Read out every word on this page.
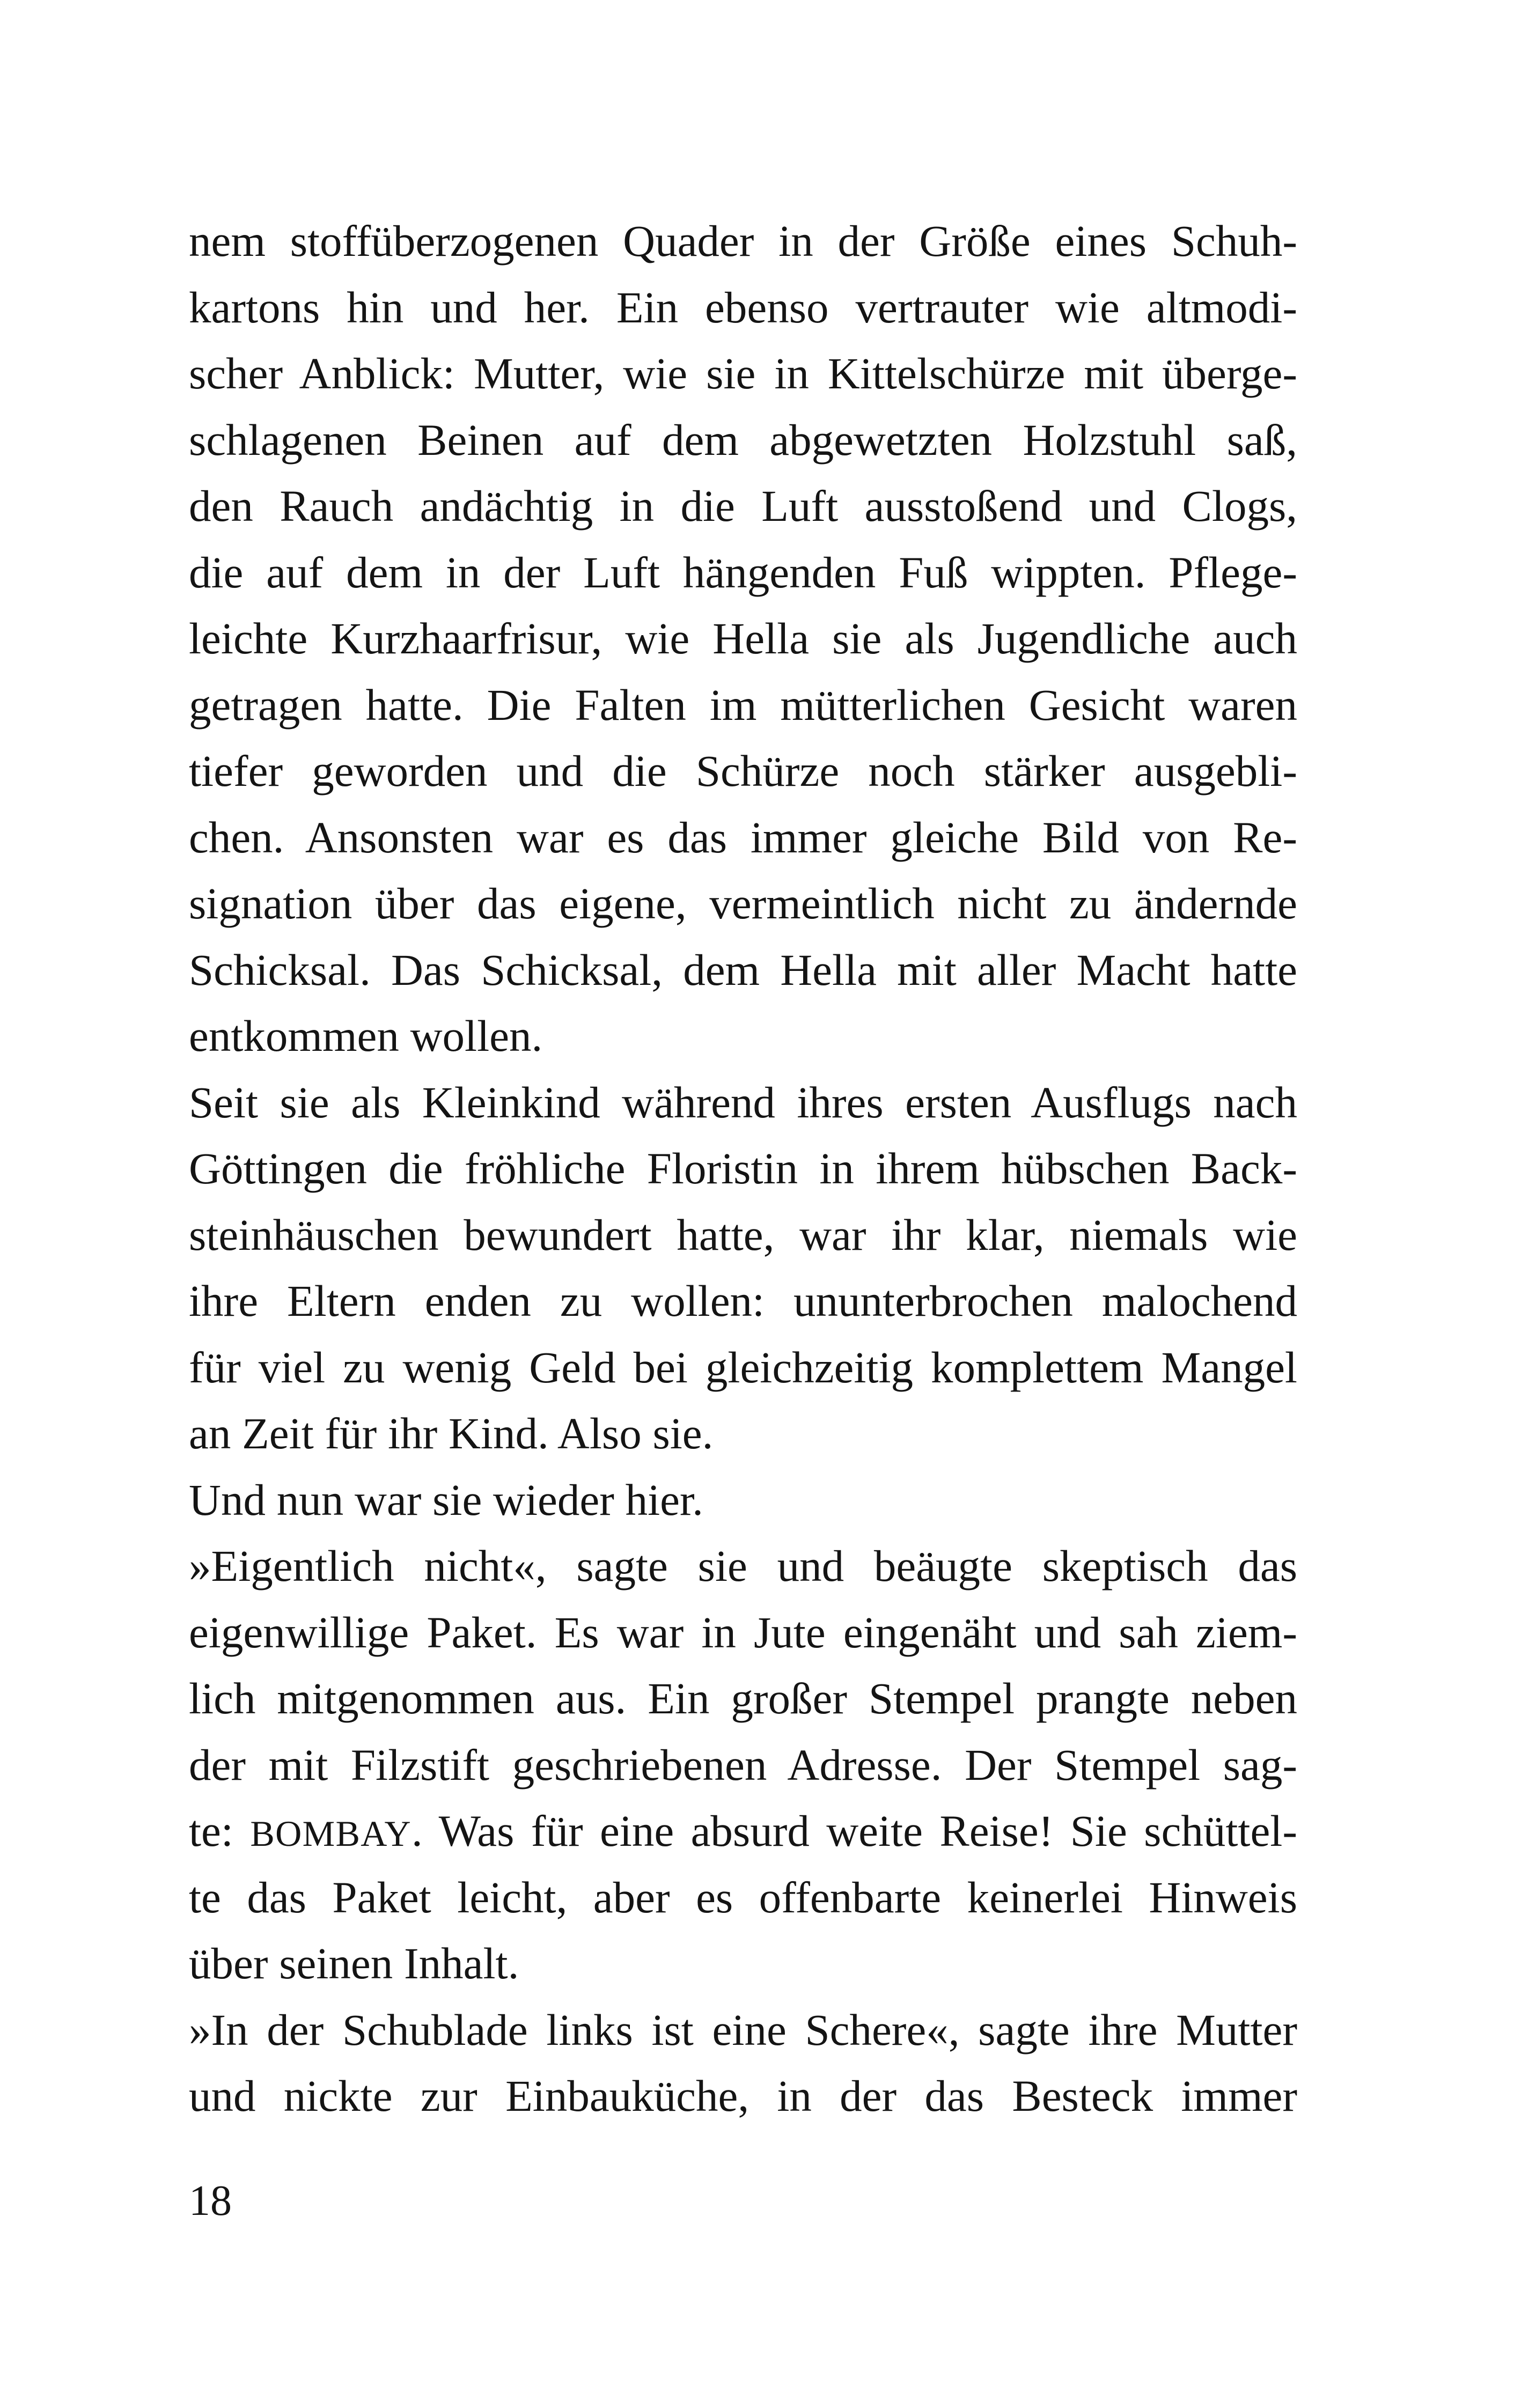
nem stoffüberzogenen Quader in der Größe eines Schuh-
kartons hin und her. Ein ebenso vertrauter wie altmodi-
scher Anblick: Mutter, wie sie in Kittelschürze mit überge-
schlagenen Beinen auf dem abgewetzten Holzstuhl saß,
den Rauch andächtig in die Luft ausstoßend und Clogs,
die auf dem in der Luft hängenden Fuß wippten. Pflege-
leichte Kurzhaarfrisur, wie Hella sie als Jugendliche auch
getragen hatte. Die Falten im mütterlichen Gesicht waren
tiefer geworden und die Schürze noch stärker ausgebli-
chen. Ansonsten war es das immer gleiche Bild von Re-
signation über das eigene, vermeintlich nicht zu ändernde
Schicksal. Das Schicksal, dem Hella mit aller Macht hatte
entkommen wollen.
Seit sie als Kleinkind während ihres ersten Ausflugs nach
Göttingen die fröhliche Floristin in ihrem hübschen Back-
steinhäuschen bewundert hatte, war ihr klar, niemals wie
ihre Eltern enden zu wollen: ununterbrochen malochend
für viel zu wenig Geld bei gleichzeitig komplettem Mangel
an Zeit für ihr Kind. Also sie.
Und nun war sie wieder hier.
»Eigentlich nicht«, sagte sie und beäugte skeptisch das
eigenwillige Paket. Es war in Jute eingenäht und sah ziem-
lich mitgenommen aus. Ein großer Stempel prangte neben
der mit Filzstift geschriebenen Adresse. Der Stempel sag-
te: BOMBAY. Was für eine absurd weite Reise! Sie schüttel-
te das Paket leicht, aber es offenbarte keinerlei Hinweis
über seinen Inhalt.
»In der Schublade links ist eine Schere«, sagte ihre Mutter
und nickte zur Einbauküche, in der das Besteck immer
18
